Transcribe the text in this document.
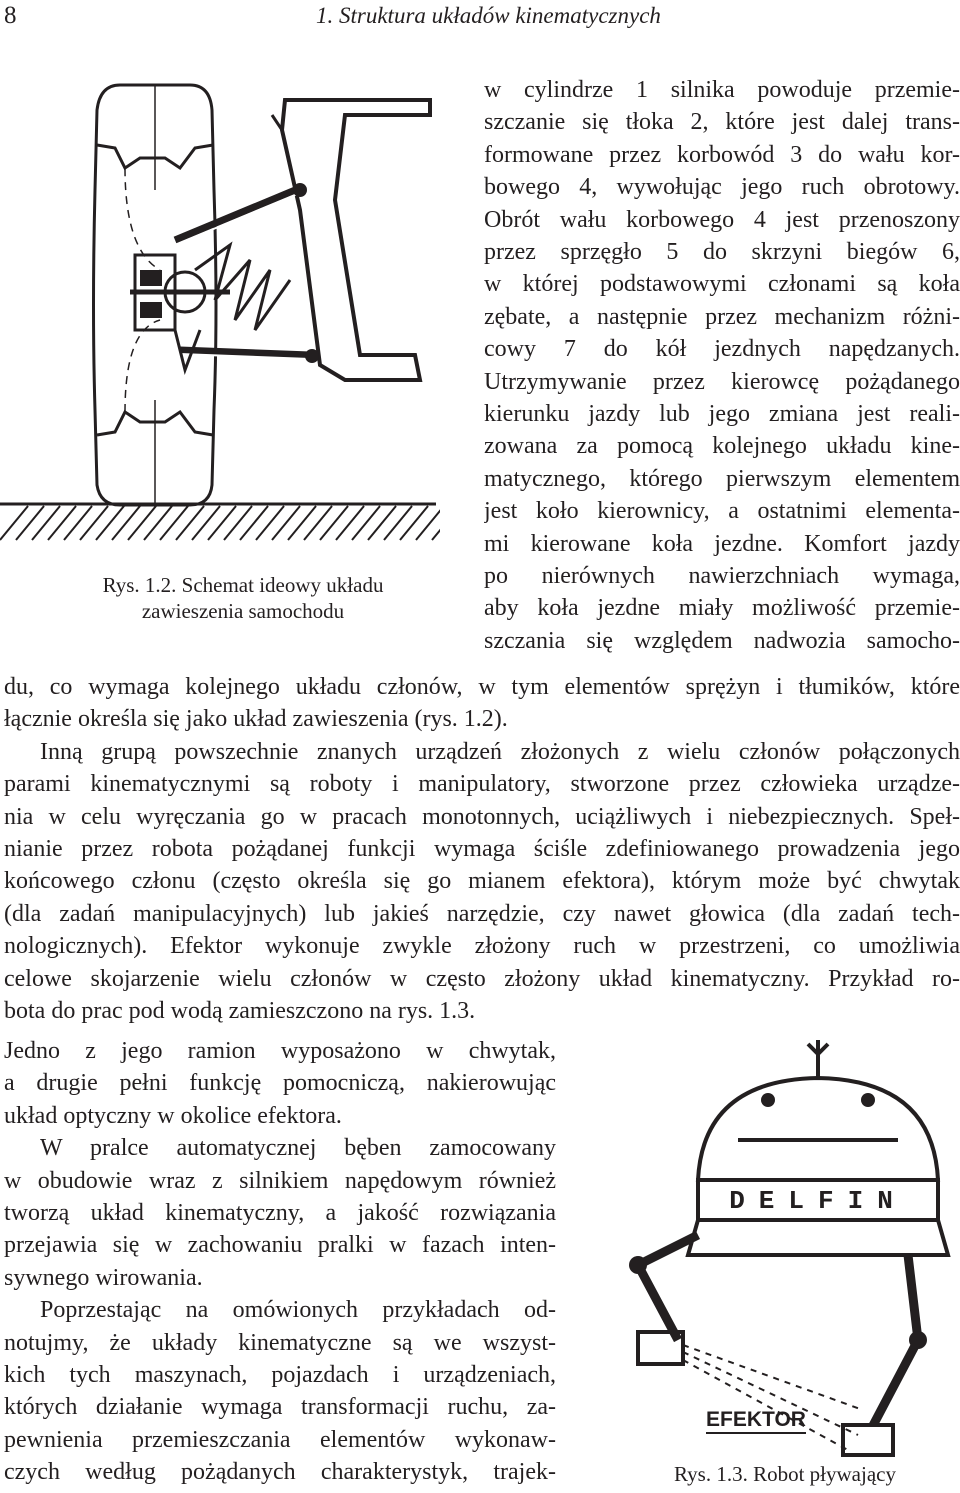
8	1. Struktura układów kinematycznych
Rys. 1.2. Schemat ideowy układu
zawieszenia samochodu
w cylindrze 1 silnika powoduje przemie-
szczanie się tłoka 2, które jest dalej trans-
formowane przez korbowód 3 do wału kor-
bowego 4, wywołując jego ruch obrotowy.
Obrót wału korbowego 4 jest przenoszony
przez sprzęgło 5 do skrzyni biegów 6,
w której podstawowymi członami są koła
zębate, a następnie przez mechanizm różni-
cowy 7 do kół jezdnych napędzanych.
Utrzymywanie przez kierowcę pożądanego
kierunku jazdy lub jego zmiana jest reali-
zowana za pomocą kolejnego układu kine-
matycznego, którego pierwszym elementem
jest koło kierownicy, a ostatnimi elementa-
mi kierowane koła jezdne. Komfort jazdy
po nierównych nawierzchniach wymaga,
aby koła jezdne miały możliwość przemie-
szczania się względem nadwozia samocho-
du, co wymaga kolejnego układu członów, w tym elementów sprężyn i tłumików, które
łącznie określa się jako układ zawieszenia (rys. 1.2).
Inną grupą powszechnie znanych urządzeń złożonych z wielu członów połączonych
parami kinematycznymi są roboty i manipulatory, stworzone przez człowieka urządze-
nia w celu wyręczania go w pracach monotonnych, uciążliwych i niebezpiecznych. Speł-
nianie przez robota pożądanej funkcji wymaga ściśle zdefiniowanego prowadzenia jego
końcowego członu (często określa się go mianem efektora), którym może być chwytak
(dla zadań manipulacyjnych) lub jakieś narzędzie, czy nawet głowica (dla zadań tech-
nologicznych). Efektor wykonuje zwykle złożony ruch w przestrzeni, co umożliwia
celowe skojarzenie wielu członów w często złożony układ kinematyczny. Przykład ro-
bota do prac pod wodą zamieszczono na rys. 1.3.
Jedno z jego ramion wyposażono w chwytak,
a drugie pełni funkcję pomocniczą, nakierowując
układ optyczny w okolice efektora.
W pralce automatycznej bęben zamocowany
w obudowie wraz z silnikiem napędowym również
tworzą układ kinematyczny, a jakość rozwiązania
przejawia się w zachowaniu pralki w fazach inten-
sywnego wirowania.
Poprzestając na omówionych przykładach od-
notujmy, że układy kinematyczne są we wszyst-
kich tych maszynach, pojazdach i urządzeniach,
których działanie wymaga transformacji ruchu, za-
pewnienia przemieszczania elementów wykonaw-
czych według pożądanych charakterystyk, trajek-
DELFIN
EFEKTOR
Rys. 1.3. Robot pływający
